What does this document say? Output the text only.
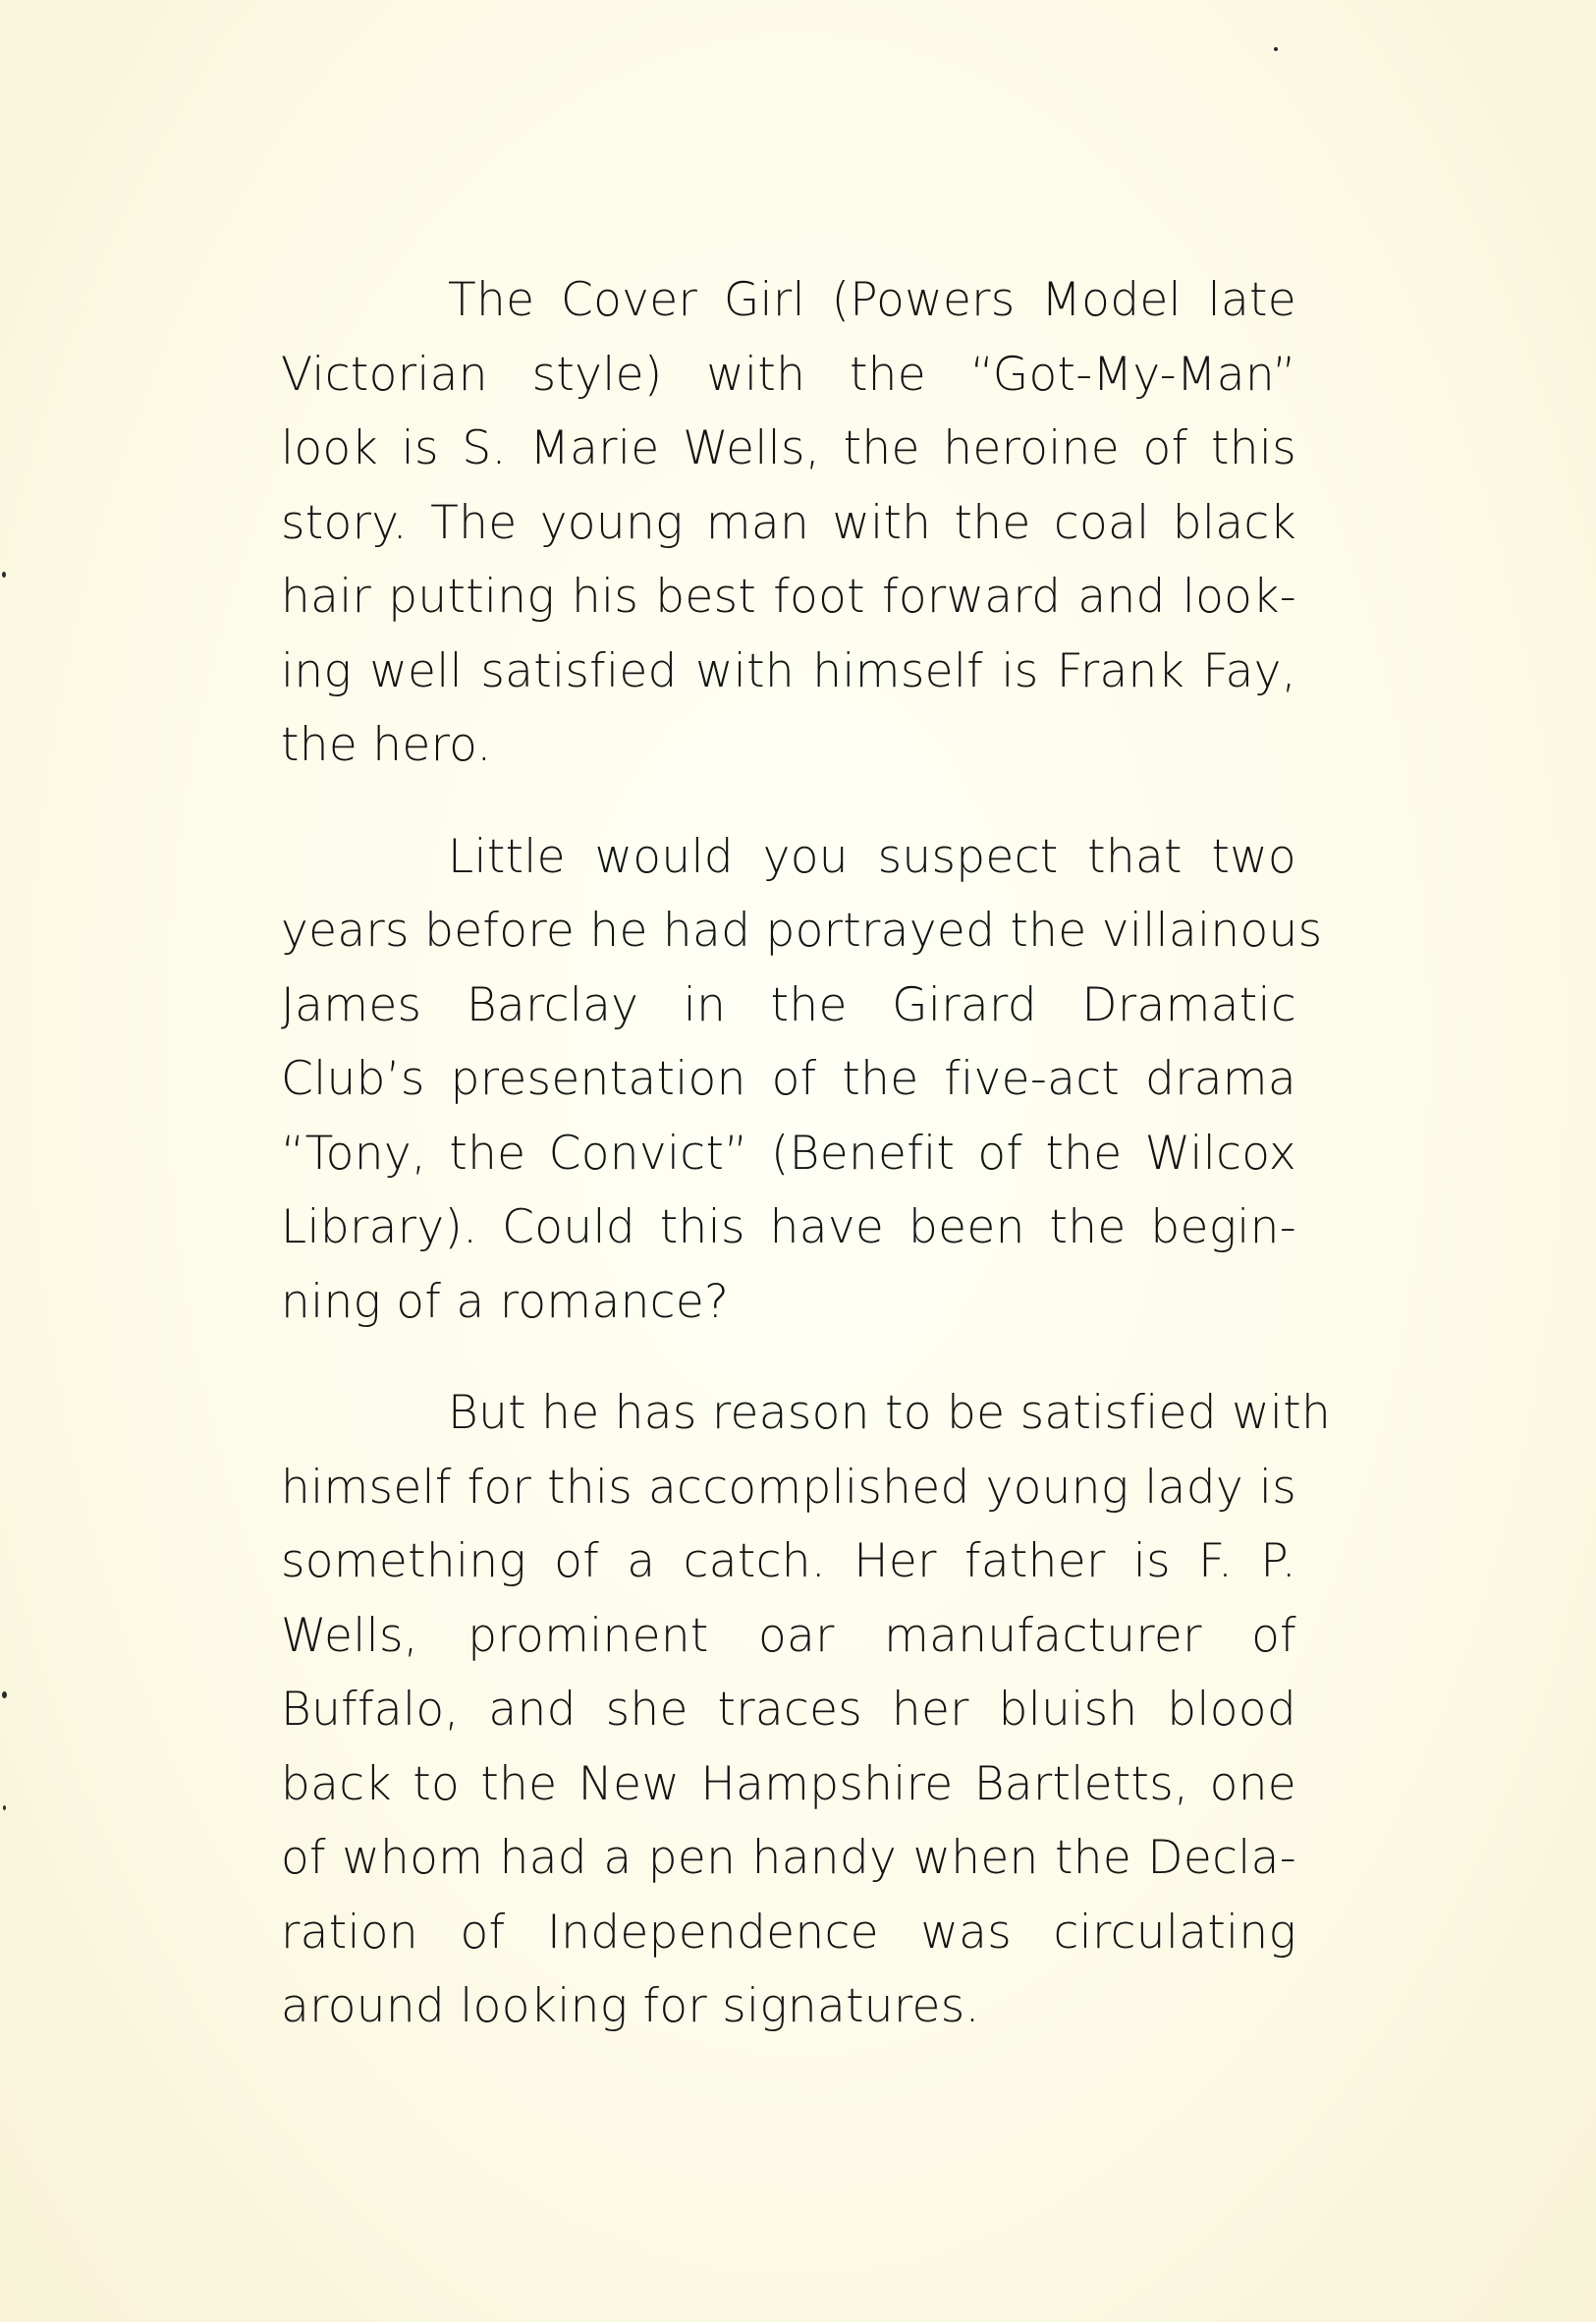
The Cover Girl (Powers Model late
Victorian style) with the “Got-My-Man”
look is S. Marie Wells, the heroine of this
story. The young man with the coal black
hair putting his best foot forward and look-
ing well satisfied with himself is Frank Fay,
the hero.
Little would you suspect that two
years before he had portrayed the villainous
James Barclay in the Girard Dramatic
Club’s presentation of the five-act drama
“Tony, the Convict” (Benefit of the Wilcox
Library). Could this have been the begin-
ning of a romance?
But he has reason to be satisfied with
himself for this accomplished young lady is
something of a catch. Her father is F. P.
Wells, prominent oar manufacturer of
Buffalo, and she traces her bluish blood
back to the New Hampshire Bartletts, one
of whom had a pen handy when the Decla-
ration of Independence was circulating
around looking for signatures.
